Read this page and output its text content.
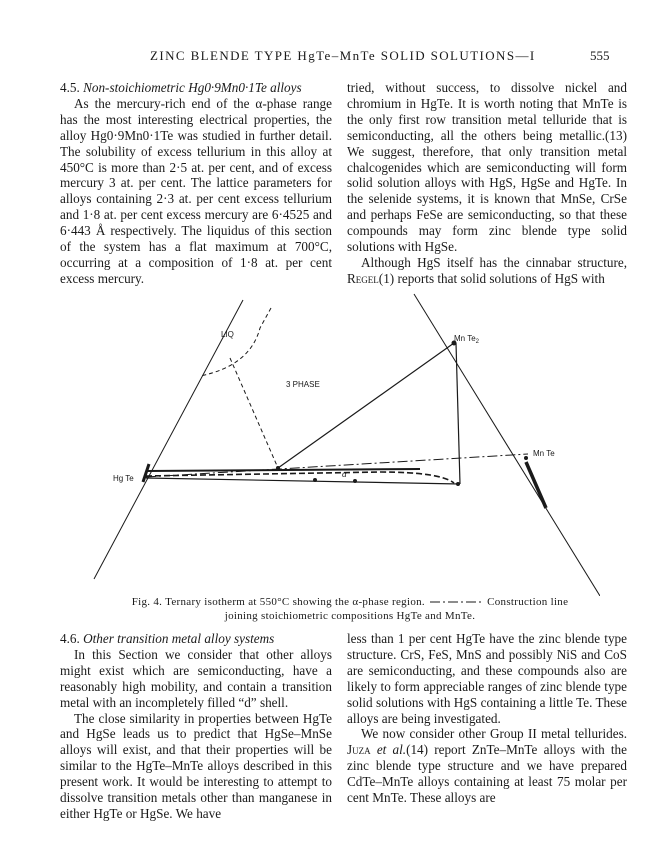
ZINC BLENDE TYPE HgTe–MnTe SOLID SOLUTIONS—I	555

4.5. Non-stoichiometric Hg0·9Mn0·1Te alloys

As the mercury-rich end of the α-phase range has the most interesting electrical properties, the alloy Hg0·9Mn0·1Te was studied in further detail. The solubility of excess tellurium in this alloy at 450°C is more than 2·5 at. per cent, and of excess mercury 3 at. per cent. The lattice parameters for alloys containing 2·3 at. per cent excess tellurium and 1·8 at. per cent excess mercury are 6·4525 and 6·443 Å respectively. The liquidus of this section of the system has a flat maximum at 700°C, occurring at a composition of 1·8 at. per cent excess mercury.

tried, without success, to dissolve nickel and chromium in HgTe. It is worth noting that MnTe is the only first row transition metal telluride that is semiconducting, all the others being metallic.(13) We suggest, therefore, that only transition metal chalcogenides which are semiconducting will form solid solution alloys with HgS, HgSe and HgTe. In the selenide systems, it is known that MnSe, CrSe and perhaps FeSe are semiconducting, so that these compounds may form zinc blende type solid solutions with HgSe.

Although HgS itself has the cinnabar structure, Regel(1) reports that solid solutions of HgS with

LIQ
3 PHASE
Mn $Te_2$
Mn Te
Hg Te	α
Fig. 4. Ternary isotherm at 550°C showing the α-phase region.	Construction line
joining stoichiometric compositions HgTe and MnTe.

4.6. Other transition metal alloy systems

In this Section we consider that other alloys might exist which are semiconducting, have a reasonably high mobility, and contain a transition metal with an incompletely filled “d” shell.

The close similarity in properties between HgTe and HgSe leads us to predict that HgSe–MnSe alloys will exist, and that their properties will be similar to the HgTe–MnTe alloys described in this present work. It would be interesting to attempt to dissolve transition metals other than manganese in either HgTe or HgSe. We have

less than 1 per cent HgTe have the zinc blende type structure. CrS, FeS, MnS and possibly NiS and CoS are semiconducting, and these compounds also are likely to form appreciable ranges of zinc blende type solid solutions with HgS containing a little Te. These alloys are being investigated.

We now consider other Group II metal tellurides. Juza et al.(14) report ZnTe–MnTe alloys with the zinc blende type structure and we have prepared CdTe–MnTe alloys containing at least 75 molar per cent MnTe. These alloys are
